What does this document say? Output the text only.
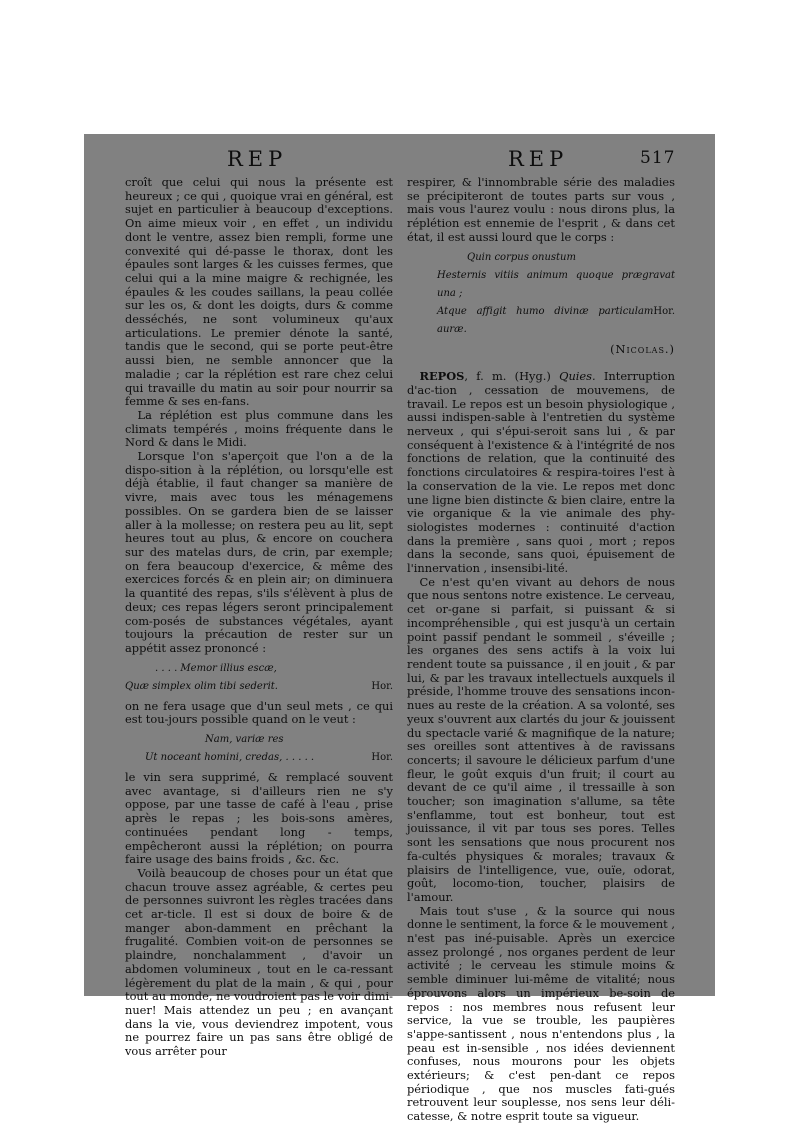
REP	REP	517

croît que celui qui nous la présente est heureux ; ce qui , quoique vrai en général, est sujet en particulier à beaucoup d'exceptions. On aime mieux voir , en effet , un individu dont le ventre, assez bien rempli, forme une convexité qui dé-passe le thorax, dont les épaules sont larges & les cuisses fermes, que celui qui a la mine maigre & rechignée, les épaules & les coudes saillans, la peau collée sur les os, & dont les doigts, durs & comme desséchés, ne sont volumineux qu'aux articulations. Le premier dénote la santé, tandis que le second, qui se porte peut-être aussi bien, ne semble annoncer que la maladie ; car la réplétion est rare chez celui qui travaille du matin au soir pour nourrir sa femme & ses en-fans.

La réplétion est plus commune dans les climats tempérés , moins fréquente dans le Nord & dans le Midi.

Lorsque l'on s'aperçoit que l'on a de la dispo-sition à la réplétion, ou lorsqu'elle est déjà établie, il faut changer sa manière de vivre, mais avec tous les ménagemens possibles. On se gardera bien de se laisser aller à la mollesse; on restera peu au lit, sept heures tout au plus, & encore on couchera sur des matelas durs, de crin, par exemple; on fera beaucoup d'exercice, & même des exercices forcés & en plein air; on diminuera la quantité des repas, s'ils s'élèvent à plus de deux; ces repas légers seront principalement com-posés de substances végétales, ayant toujours la précaution de rester sur un appétit assez prononcé :

. . . . Memor illius escæ,
Quæ simplex olim tibi sederit.	Hor.

on ne fera usage que d'un seul mets , ce qui est tou-jours possible quand on le veut :

Nam, variæ res
Ut noceant homini, credas, . . . . .	Hor.

le vin sera supprimé, & remplacé souvent avec avantage, si d'ailleurs rien ne s'y oppose, par une tasse de café à l'eau , prise après le repas ; les bois-sons amères, continuées pendant long - temps, empêcheront aussi la réplétion; on pourra faire usage des bains froids , &c. &c.

Voilà beaucoup de choses pour un état que chacun trouve assez agréable, & certes peu de personnes suivront les règles tracées dans cet ar-ticle. Il est si doux de boire & de manger abon-damment en prêchant la frugalité. Combien voit-on de personnes se plaindre, nonchalamment , d'avoir un abdomen volumineux , tout en le ca-ressant légèrement du plat de la main , & qui , pour tout au monde, ne voudroient pas le voir dimi-nuer! Mais attendez un peu ; en avançant dans la vie, vous deviendrez impotent, vous ne pourrez faire un pas sans être obligé de vous arrêter pour

respirer, & l'innombrable série des maladies se précipiteront de toutes parts sur vous , mais vous l'aurez voulu : nous dirons plus, la réplétion est ennemie de l'esprit , & dans cet état, il est aussi lourd que le corps :

Quin corpus onustum
Hesternis vitiis animum quoque prægravat una ;
Atque affigit humo divinæ particulam auræ.
Hor.
(Nicolas.)

REPOS, f. m. (Hyg.) Quies. Interruption d'ac-tion , cessation de mouvemens, de travail. Le repos est un besoin physiologique , aussi indispen-sable à l'entretien du système nerveux , qui s'épui-seroit sans lui , & par conséquent à l'existence & à l'intégrité de nos fonctions de relation, que la continuité des fonctions circulatoires & respira-toires l'est à la conservation de la vie. Le repos met donc une ligne bien distincte & bien claire, entre la vie organique & la vie animale des phy-siologistes modernes : continuité d'action dans la première , sans quoi , mort ; repos dans la seconde, sans quoi, épuisement de l'innervation , insensibi-lité.

Ce n'est qu'en vivant au dehors de nous que nous sentons notre existence. Le cerveau, cet or-gane si parfait, si puissant & si incompréhensible , qui est jusqu'à un certain point passif pendant le sommeil , s'éveille ; les organes des sens actifs à la voix lui rendent toute sa puissance , il en jouit , & par lui, & par les travaux intellectuels auxquels il préside, l'homme trouve des sensations incon-nues au reste de la création. A sa volonté, ses yeux s'ouvrent aux clartés du jour & jouissent du spectacle varié & magnifique de la nature; ses oreilles sont attentives à de ravissans concerts; il savoure le délicieux parfum d'une fleur, le goût exquis d'un fruit; il court au devant de ce qu'il aime , il tressaille à son toucher; son imagination s'allume, sa tête s'enflamme, tout est bonheur, tout est jouissance, il vit par tous ses pores. Telles sont les sensations que nous procurent nos fa-cultés physiques & morales; travaux & plaisirs de l'intelligence, vue, ouïe, odorat, goût, locomo-tion, toucher, plaisirs de l'amour.

Mais tout s'use , & la source qui nous donne le sentiment, la force & le mouvement , n'est pas iné-puisable. Après un exercice assez prolongé , nos organes perdent de leur activité ; le cerveau les stimule moins & semble diminuer lui-même de vitalité; nous éprouvons alors un impérieux be-soin de repos : nos membres nous refusent leur service, la vue se trouble, les paupières s'appe-santissent , nous n'entendons plus , la peau est in-sensible , nos idées deviennent confuses, nous mourons pour les objets extérieurs; & c'est pen-dant ce repos périodique , que nos muscles fati-gués retrouvent leur souplesse, nos sens leur déli-catesse, & notre esprit toute sa vigueur.
